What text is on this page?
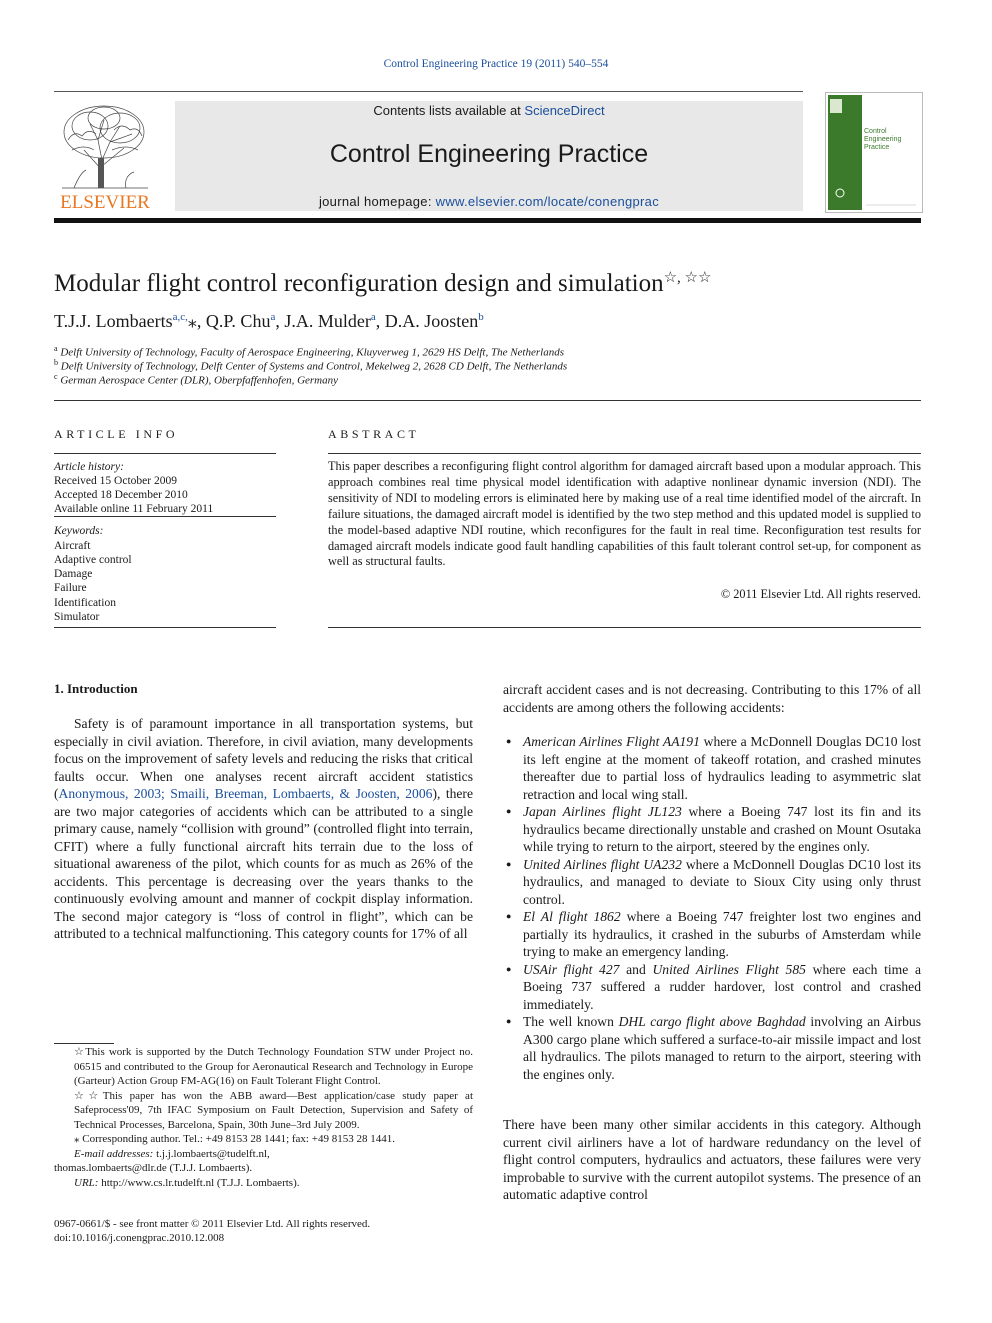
Control Engineering Practice 19 (2011) 540–554
ELSEVIER
Contents lists available at ScienceDirect
Control Engineering Practice
journal homepage: www.elsevier.com/locate/conengprac
Control
Engineering
Practice
Modular flight control reconfiguration design and simulation☆, ☆☆
T.J.J. Lombaerts$^{a,c,}$⁎, Q.P. Chu$^a$, J.A. Mulder$^a$, D.A. Joosten$^b$
$^a$ Delft University of Technology, Faculty of Aerospace Engineering, Kluyverweg 1, 2629 HS Delft, The Netherlands
$^b$ Delft University of Technology, Delft Center of Systems and Control, Mekelweg 2, 2628 CD Delft, The Netherlands
$^c$ German Aerospace Center (DLR), Oberpfaffenhofen, Germany
ARTICLE INFO
Article history:
Received 15 October 2009
Accepted 18 December 2010
Available online 11 February 2011
Keywords:
Aircraft
Adaptive control
Damage
Failure
Identification
Simulator
ABSTRACT
This paper describes a reconfiguring flight control algorithm for damaged aircraft based upon a modular approach. This approach combines real time physical model identification with adaptive nonlinear dynamic inversion (NDI). The sensitivity of NDI to modeling errors is eliminated here by making use of a real time identified model of the aircraft. In failure situations, the damaged aircraft model is identified by the two step method and this updated model is supplied to the model-based adaptive NDI routine, which reconfigures for the fault in real time. Reconfiguration test results for damaged aircraft models indicate good fault handling capabilities of this fault tolerant control set-up, for component as well as structural faults.
© 2011 Elsevier Ltd. All rights reserved.
1. Introduction
Safety is of paramount importance in all transportation systems, but especially in civil aviation. Therefore, in civil aviation, many developments focus on the improvement of safety levels and reducing the risks that critical faults occur. When one analyses recent aircraft accident statistics (Anonymous, 2003; Smaili, Breeman, Lombaerts, & Joosten, 2006), there are two major categories of accidents which can be attributed to a single primary cause, namely “collision with ground” (controlled flight into terrain, CFIT) where a fully functional aircraft hits terrain due to the loss of situational awareness of the pilot, which counts for as much as 26% of the accidents. This percentage is decreasing over the years thanks to the continuously evolving amount and manner of cockpit display information. The second major category is “loss of control in flight”, which can be attributed to a technical malfunctioning. This category counts for 17% of all
aircraft accident cases and is not decreasing. Contributing to this 17% of all accidents are among others the following accidents:
● American Airlines Flight AA191 where a McDonnell Douglas DC10 lost its left engine at the moment of takeoff rotation, and crashed minutes thereafter due to partial loss of hydraulics leading to asymmetric slat retraction and local wing stall.
● Japan Airlines flight JL123 where a Boeing 747 lost its fin and its hydraulics became directionally unstable and crashed on Mount Osutaka while trying to return to the airport, steered by the engines only.
● United Airlines flight UA232 where a McDonnell Douglas DC10 lost its hydraulics, and managed to deviate to Sioux City using only thrust control.
● El Al flight 1862 where a Boeing 747 freighter lost two engines and partially its hydraulics, it crashed in the suburbs of Amsterdam while trying to make an emergency landing.
● USAir flight 427 and United Airlines Flight 585 where each time a Boeing 737 suffered a rudder hardover, lost control and crashed immediately.
● The well known DHL cargo flight above Baghdad involving an Airbus A300 cargo plane which suffered a surface-to-air missile impact and lost all hydraulics. The pilots managed to return to the airport, steering with the engines only.
There have been many other similar accidents in this category. Although current civil airliners have a lot of hardware redundancy on the level of flight control computers, hydraulics and actuators, these failures were very improbable to survive with the current autopilot systems. The presence of an automatic adaptive control

☆This work is supported by the Dutch Technology Foundation STW under Project no. 06515 and contributed to the Group for Aeronautical Research and Technology in Europe (Garteur) Action Group FM-AG(16) on Fault Tolerant Flight Control.

☆☆This paper has won the ABB award—Best application/case study paper at Safeprocess'09, 7th IFAC Symposium on Fault Detection, Supervision and Safety of Technical Processes, Barcelona, Spain, 30th June–3rd July 2009.

⁎ Corresponding author. Tel.: +49 8153 28 1441; fax: +49 8153 28 1441.

E-mail addresses: t.j.j.lombaerts@tudelft.nl,

thomas.lombaerts@dlr.de (T.J.J. Lombaerts).

URL: http://www.cs.lr.tudelft.nl (T.J.J. Lombaerts).

0967-0661/$ - see front matter © 2011 Elsevier Ltd. All rights reserved.
doi:10.1016/j.conengprac.2010.12.008
